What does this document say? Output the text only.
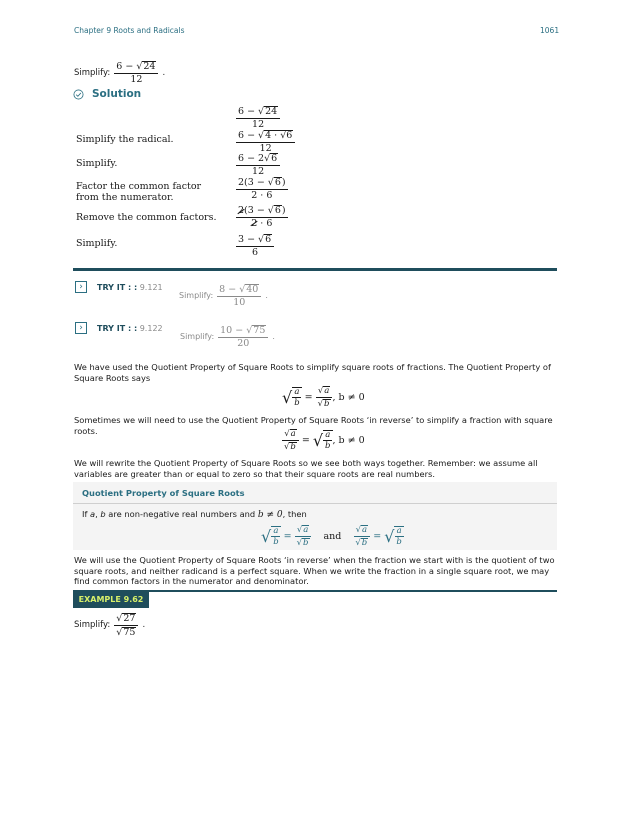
Chapter 9 Roots and Radicals	1061
Simplify: $\frac{6 - √24}{12}$ .
Solution
$\frac{6 - √24}{12}$
Simplify the radical.	$\frac{6 - √4 \cdot √6}{12}$
Simplify.	$\frac{6 - 2√6}{12}$
Factor the common factor from the numerator.	$\frac{2(3 - √6)}{2 \cdot 6}$
Remove the common factors. $\frac{2(3 - √6)}{2 \cdot 6}$
Simplify.	$\frac{3 - √6}{6}$
›	TRY IT : : 9.121
Simplify: $\frac{8 - √40}{10}$ .
›	TRY IT : : 9.122
Simplify: $\frac{10 - √75}{20}$ .
We have used the Quotient Property of Square Roots to simplify square roots of fractions. The Quotient Property of Square Roots says
√ $\frac{a}{b} = \frac{√a}{√b}$ , b ≠ 0
Sometimes we will need to use the Quotient Property of Square Roots ‘in reverse’ to simplify a fraction with square roots.	$\frac{√a}{√b}$ = √ $\frac{a}{b}$ , b ≠ 0
We will rewrite the Quotient Property of Square Roots so we see both ways together. Remember: we assume all variables are greater than or equal to zero so that their square roots are real numbers.
Quotient Property of Square Roots
If a, b are non-negative real numbers and b ≠ 0, then
√ $\frac{a}{b} = \frac{√a}{√b}$ and $\frac{√a}{√b}$ = √ $\frac{a}{b}$
We will use the Quotient Property of Square Roots ‘in reverse’ when the fraction we start with is the quotient of two square roots, and neither radicand is a perfect square. When we write the fraction in a single square root, we may find common factors in the numerator and denominator.
EXAMPLE 9.62
Simplify: $\frac{√27}{√75}$ .
